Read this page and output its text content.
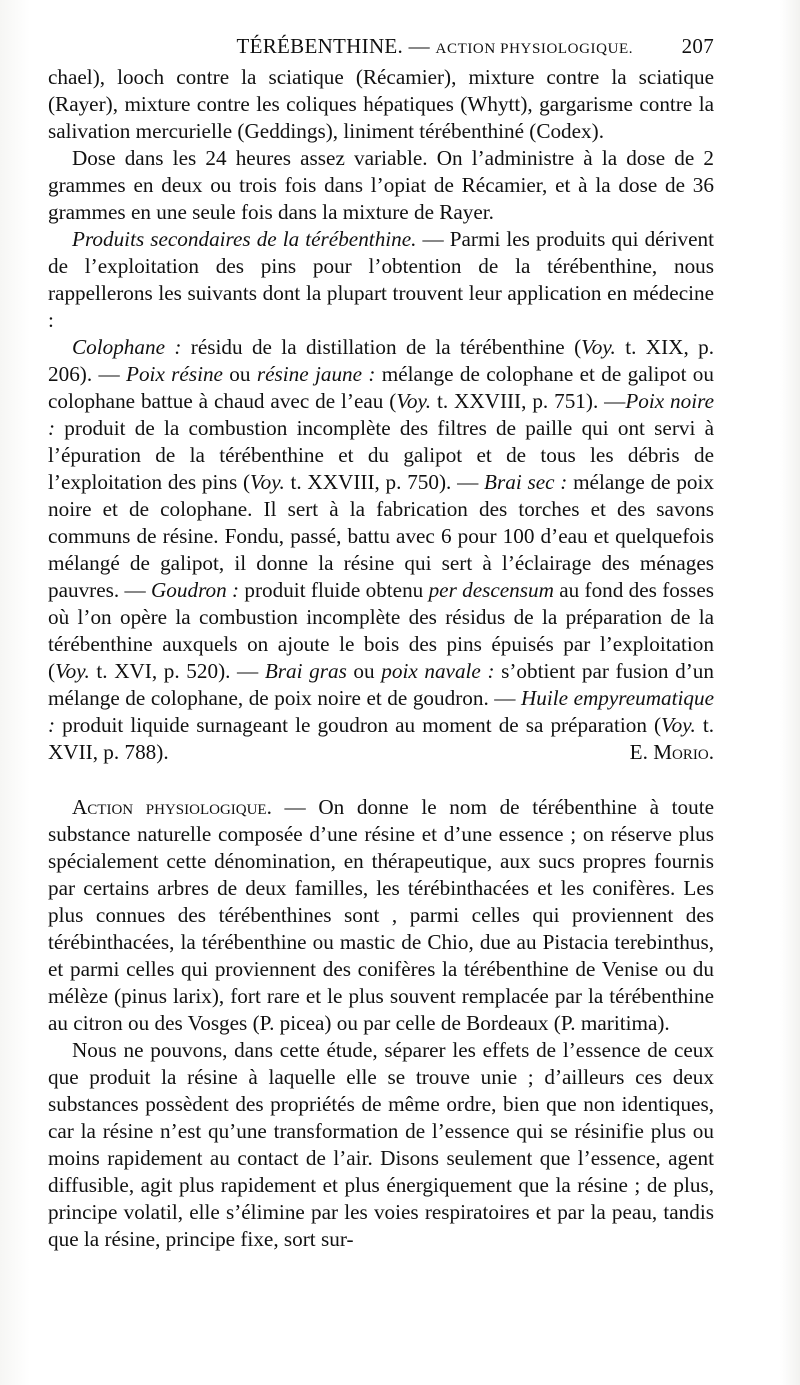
TÉRÉBENTHINE. — ACTION PHYSIOLOGIQUE.	207

chael), looch contre la sciatique (Récamier), mixture contre la sciatique (Rayer), mixture contre les coliques hépatiques (Whytt), gargarisme contre la salivation mercurielle (Geddings), liniment térébenthiné (Codex).

Dose dans les 24 heures assez variable. On l’administre à la dose de 2 grammes en deux ou trois fois dans l’opiat de Récamier, et à la dose de 36 grammes en une seule fois dans la mixture de Rayer.

Produits secondaires de la térébenthine. — Parmi les produits qui dérivent de l’exploitation des pins pour l’obtention de la térébenthine, nous rappellerons les suivants dont la plupart trouvent leur application en médecine :

Colophane : résidu de la distillation de la térébenthine (Voy. t. XIX, p. 206). — Poix résine ou résine jaune : mélange de colophane et de galipot ou colophane battue à chaud avec de l’eau (Voy. t. XXVIII, p. 751). —Poix noire : produit de la combustion incomplète des filtres de paille qui ont servi à l’épuration de la térébenthine et du galipot et de tous les débris de l’exploitation des pins (Voy. t. XXVIII, p. 750). — Brai sec : mélange de poix noire et de colophane. Il sert à la fabrication des torches et des savons communs de résine. Fondu, passé, battu avec 6 pour 100 d’eau et quelquefois mélangé de galipot, il donne la résine qui sert à l’éclairage des ménages pauvres. — Goudron : produit fluide obtenu per descensum au fond des fosses où l’on opère la combustion incomplète des résidus de la préparation de la térébenthine auxquels on ajoute le bois des pins épuisés par l’exploitation (Voy. t. XVI, p. 520). — Brai gras ou poix navale : s’obtient par fusion d’un mélange de colophane, de poix noire et de goudron. — Huile empyreumatique : produit liquide surnageant le goudron au moment de sa préparation (Voy. t. XVII, p. 788).	E. Morio.

Action physiologique. — On donne le nom de térébenthine à toute substance naturelle composée d’une résine et d’une essence ; on réserve plus spécialement cette dénomination, en thérapeutique, aux sucs propres fournis par certains arbres de deux familles, les térébinthacées et les conifères. Les plus connues des térébenthines sont , parmi celles qui proviennent des térébinthacées, la térébenthine ou mastic de Chio, due au Pistacia terebinthus, et parmi celles qui proviennent des conifères la térébenthine de Venise ou du mélèze (pinus larix), fort rare et le plus souvent remplacée par la térébenthine au citron ou des Vosges (P. picea) ou par celle de Bordeaux (P. maritima).

Nous ne pouvons, dans cette étude, séparer les effets de l’essence de ceux que produit la résine à laquelle elle se trouve unie ; d’ailleurs ces deux substances possèdent des propriétés de même ordre, bien que non identiques, car la résine n’est qu’une transformation de l’essence qui se résinifie plus ou moins rapidement au contact de l’air. Disons seulement que l’essence, agent diffusible, agit plus rapidement et plus énergiquement que la résine ; de plus, principe volatil, elle s’élimine par les voies respiratoires et par la peau, tandis que la résine, principe fixe, sort sur-
